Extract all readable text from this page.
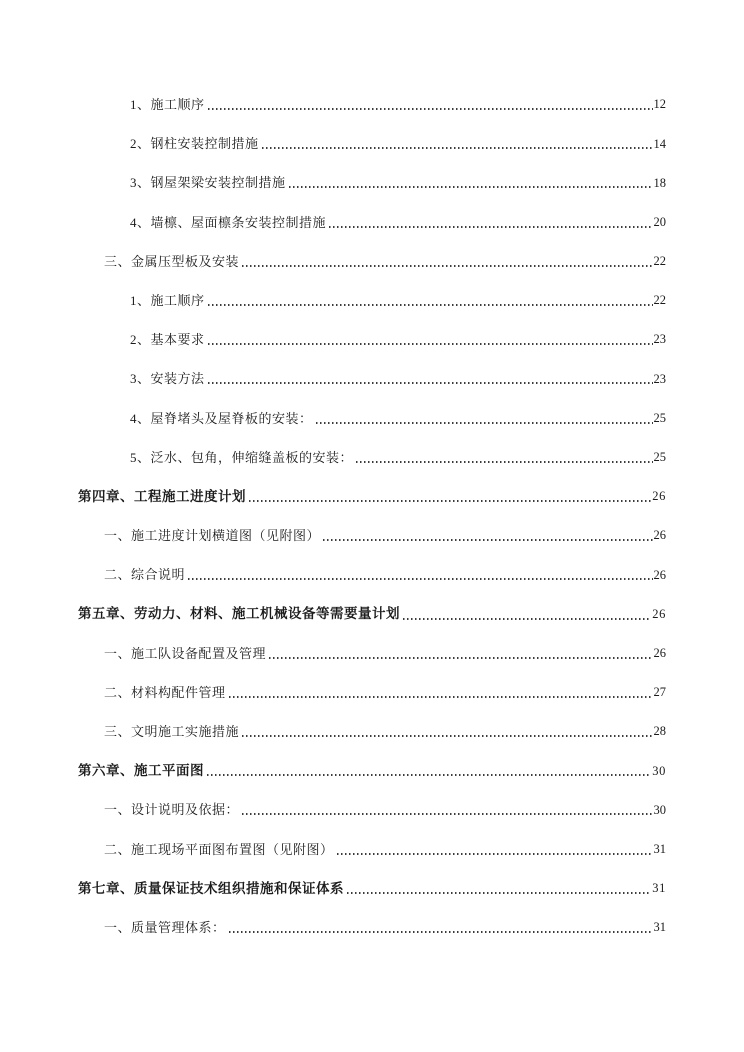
1、施工顺序	12
2、钢柱安装控制措施	14
3、钢屋架梁安装控制措施	18
4、墙檩、屋面檩条安装控制措施	20
三、金属压型板及安装	22
1、施工顺序	22
2、基本要求	23
3、安装方法	23
4、屋脊堵头及屋脊板的安装：	25
5、泛水、包角，伸缩缝盖板的安装：	25
第四章、工程施工进度计划	26
一、施工进度计划横道图（见附图）	26
二、综合说明	26
第五章、劳动力、材料、施工机械设备等需要量计划	26
一、施工队设备配置及管理	26
二、材料构配件管理	27
三、文明施工实施措施	28
第六章、施工平面图	30
一、设计说明及依据：	30
二、施工现场平面图布置图（见附图）	31
第七章、质量保证技术组织措施和保证体系	31
一、质量管理体系：	31
